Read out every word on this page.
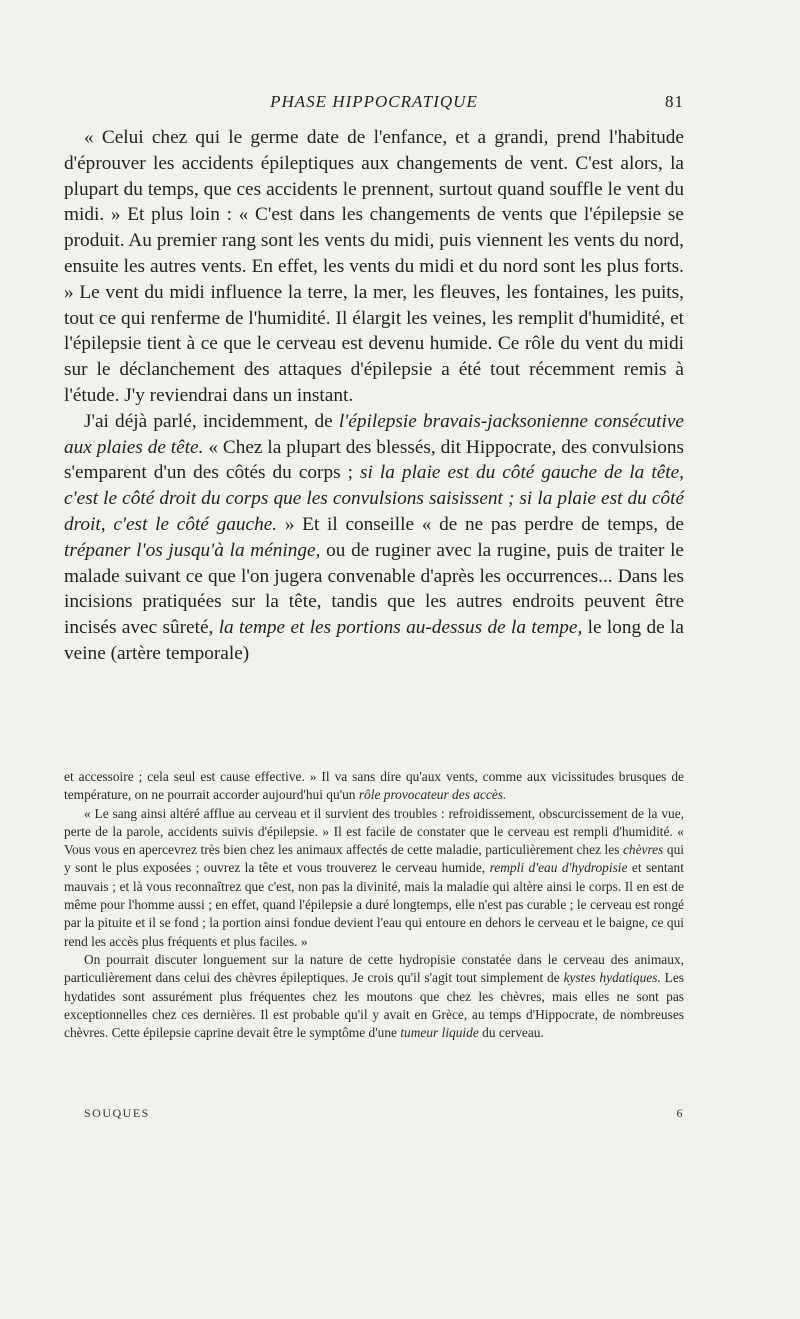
PHASE HIPPOCRATIQUE	81

« Celui chez qui le germe date de l'enfance, et a grandi, prend l'habitude d'éprouver les accidents épileptiques aux changements de vent. C'est alors, la plupart du temps, que ces accidents le prennent, surtout quand souffle le vent du midi. » Et plus loin : « C'est dans les changements de vents que l'épilepsie se produit. Au premier rang sont les vents du midi, puis viennent les vents du nord, ensuite les autres vents. En effet, les vents du midi et du nord sont les plus forts. » Le vent du midi influence la terre, la mer, les fleuves, les fontaines, les puits, tout ce qui renferme de l'humidité. Il élargit les veines, les remplit d'humidité, et l'épilepsie tient à ce que le cerveau est devenu humide. Ce rôle du vent du midi sur le déclanchement des attaques d'épilepsie a été tout récemment remis à l'étude. J'y reviendrai dans un instant.

J'ai déjà parlé, incidemment, de l'épilepsie bravais-jacksonienne consécutive aux plaies de tête. « Chez la plupart des blessés, dit Hippocrate, des convulsions s'emparent d'un des côtés du corps ; si la plaie est du côté gauche de la tête, c'est le côté droit du corps que les convulsions saisissent ; si la plaie est du côté droit, c'est le côté gauche. » Et il conseille « de ne pas perdre de temps, de trépaner l'os jusqu'à la méninge, ou de ruginer avec la rugine, puis de traiter le malade suivant ce que l'on jugera convenable d'après les occurrences... Dans les incisions pratiquées sur la tête, tandis que les autres endroits peuvent être incisés avec sûreté, la tempe et les portions au-dessus de la tempe, le long de la veine (artère temporale)

et accessoire ; cela seul est cause effective. » Il va sans dire qu'aux vents, comme aux vicissitudes brusques de température, on ne pourrait accorder aujourd'hui qu'un rôle provocateur des accès.

« Le sang ainsi altéré afflue au cerveau et il survient des troubles : refroidissement, obscurcissement de la vue, perte de la parole, accidents suivis d'épilepsie. » Il est facile de constater que le cerveau est rempli d'humidité. « Vous vous en apercevrez très bien chez les animaux affectés de cette maladie, particulièrement chez les chèvres qui y sont le plus exposées ; ouvrez la tête et vous trouverez le cerveau humide, rempli d'eau d'hydropisie et sentant mauvais ; et là vous reconnaîtrez que c'est, non pas la divinité, mais la maladie qui altère ainsi le corps. Il en est de même pour l'homme aussi ; en effet, quand l'épilepsie a duré longtemps, elle n'est pas curable ; le cerveau est rongé par la pituite et il se fond ; la portion ainsi fondue devient l'eau qui entoure en dehors le cerveau et le baigne, ce qui rend les accès plus fréquents et plus faciles. »

On pourrait discuter longuement sur la nature de cette hydropisie constatée dans le cerveau des animaux, particulièrement dans celui des chèvres épileptiques. Je crois qu'il s'agit tout simplement de kystes hydatiques. Les hydatides sont assurément plus fréquentes chez les moutons que chez les chèvres, mais elles ne sont pas exceptionnelles chez ces dernières. Il est probable qu'il y avait en Grèce, au temps d'Hippocrate, de nombreuses chèvres. Cette épilepsie caprine devait être le symptôme d'une tumeur liquide du cerveau.

SOUQUES	6
